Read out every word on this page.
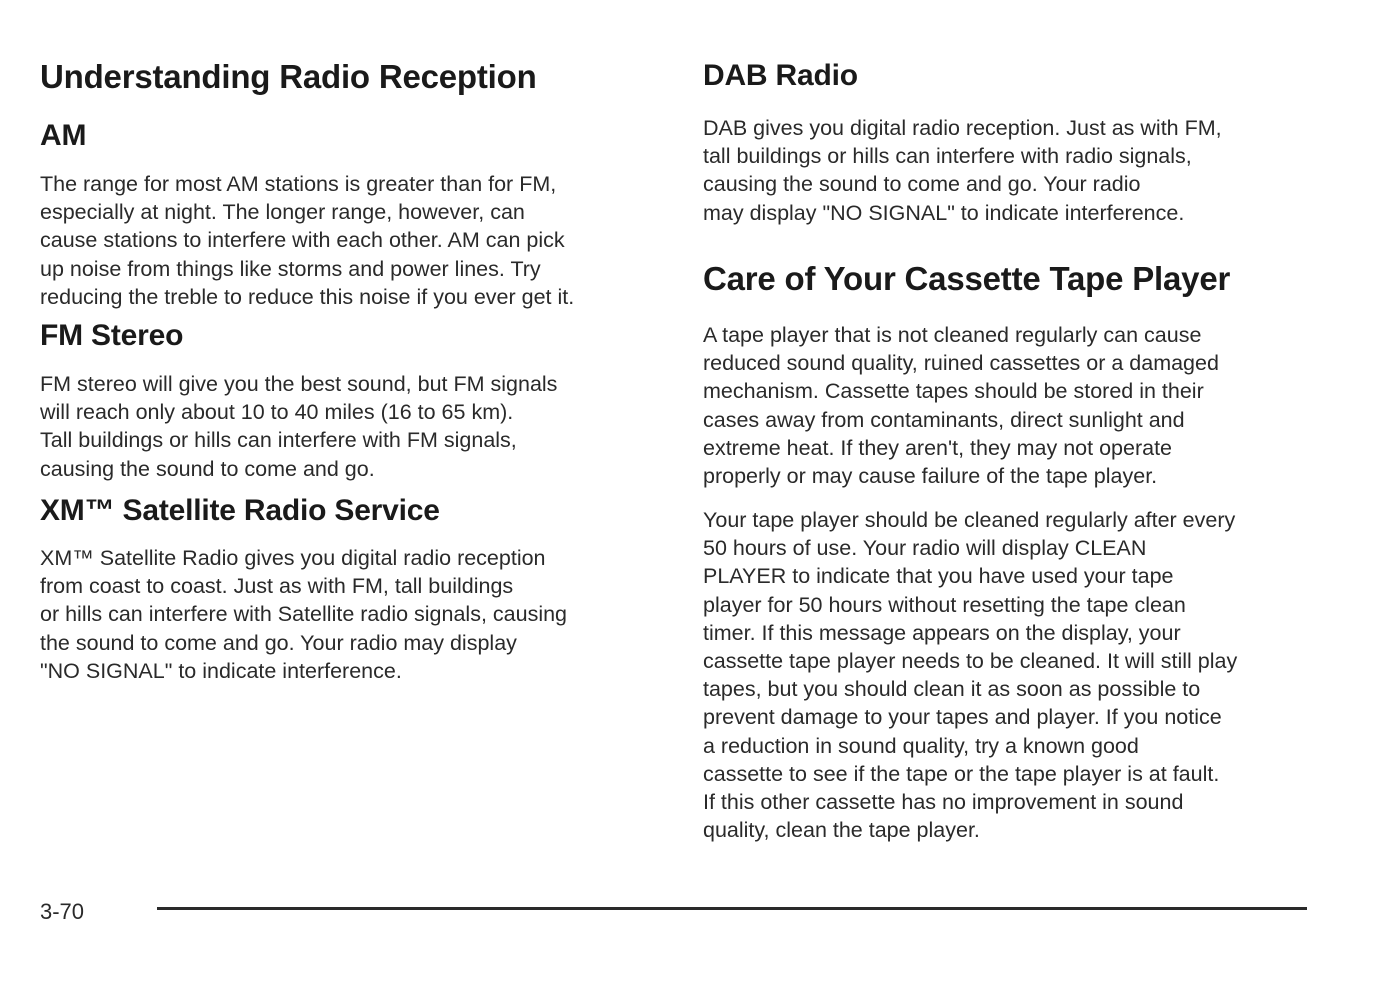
Understanding Radio Reception
AM

The range for most AM stations is greater than for FM,
especially at night. The longer range, however, can
cause stations to interfere with each other. AM can pick
up noise from things like storms and power lines. Try
reducing the treble to reduce this noise if you ever get it.

FM Stereo

FM stereo will give you the best sound, but FM signals
will reach only about 10 to 40 miles (16 to 65 km).
Tall buildings or hills can interfere with FM signals,
causing the sound to come and go.

XM™ Satellite Radio Service

XM™ Satellite Radio gives you digital radio reception
from coast to coast. Just as with FM, tall buildings
or hills can interfere with Satellite radio signals, causing
the sound to come and go. Your radio may display
"NO SIGNAL" to indicate interference.

DAB Radio

DAB gives you digital radio reception. Just as with FM,
tall buildings or hills can interfere with radio signals,
causing the sound to come and go. Your radio
may display "NO SIGNAL" to indicate interference.

Care of Your Cassette Tape Player

A tape player that is not cleaned regularly can cause
reduced sound quality, ruined cassettes or a damaged
mechanism. Cassette tapes should be stored in their
cases away from contaminants, direct sunlight and
extreme heat. If they aren't, they may not operate
properly or may cause failure of the tape player.

Your tape player should be cleaned regularly after every
50 hours of use. Your radio will display CLEAN
PLAYER to indicate that you have used your tape
player for 50 hours without resetting the tape clean
timer. If this message appears on the display, your
cassette tape player needs to be cleaned. It will still play
tapes, but you should clean it as soon as possible to
prevent damage to your tapes and player. If you notice
a reduction in sound quality, try a known good
cassette to see if the tape or the tape player is at fault.
If this other cassette has no improvement in sound
quality, clean the tape player.

3-70
